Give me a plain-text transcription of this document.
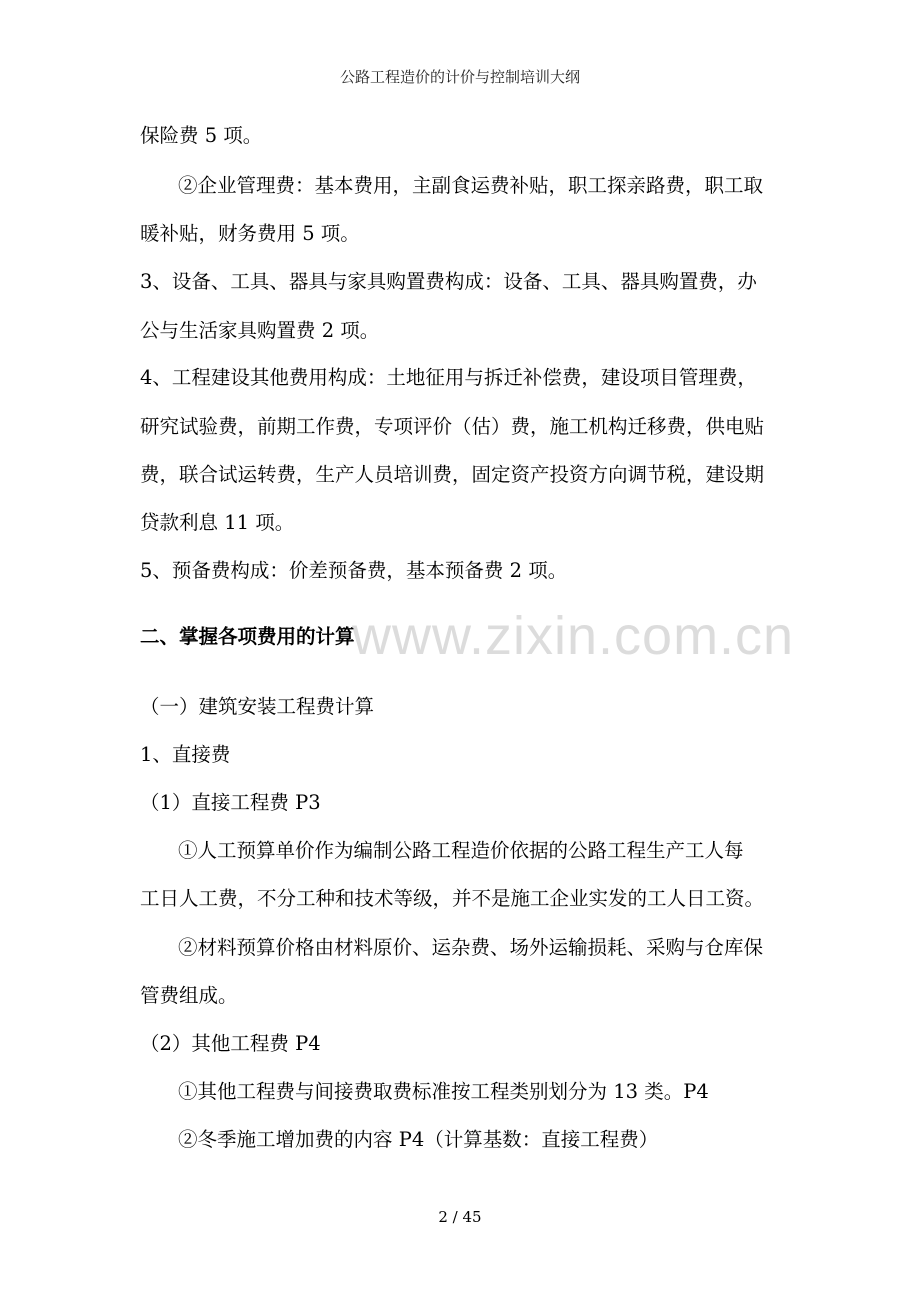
公路工程造价的计价与控制培训大纲
保险费 5 项。
②企业管理费：基本费用，主副食运费补贴，职工探亲路费，职工取
暖补贴，财务费用 5 项。
3、设备、工具、器具与家具购置费构成：设备、工具、器具购置费，办
公与生活家具购置费 2 项。
4、工程建设其他费用构成：土地征用与拆迁补偿费，建设项目管理费，
研究试验费，前期工作费，专项评价（估）费，施工机构迁移费，供电贴
费，联合试运转费，生产人员培训费，固定资产投资方向调节税，建设期
贷款利息 11 项。
5、预备费构成：价差预备费，基本预备费 2 项。
www.zixin.com.cn
二、掌握各项费用的计算
（一）建筑安装工程费计算
1、直接费
（1）直接工程费 P3
①人工预算单价作为编制公路工程造价依据的公路工程生产工人每
工日人工费，不分工种和技术等级，并不是施工企业实发的工人日工资。
②材料预算价格由材料原价、运杂费、场外运输损耗、采购与仓库保
管费组成。
（2）其他工程费 P4
①其他工程费与间接费取费标准按工程类别划分为 13 类。P4
②冬季施工增加费的内容 P4（计算基数：直接工程费）
2 / 45
